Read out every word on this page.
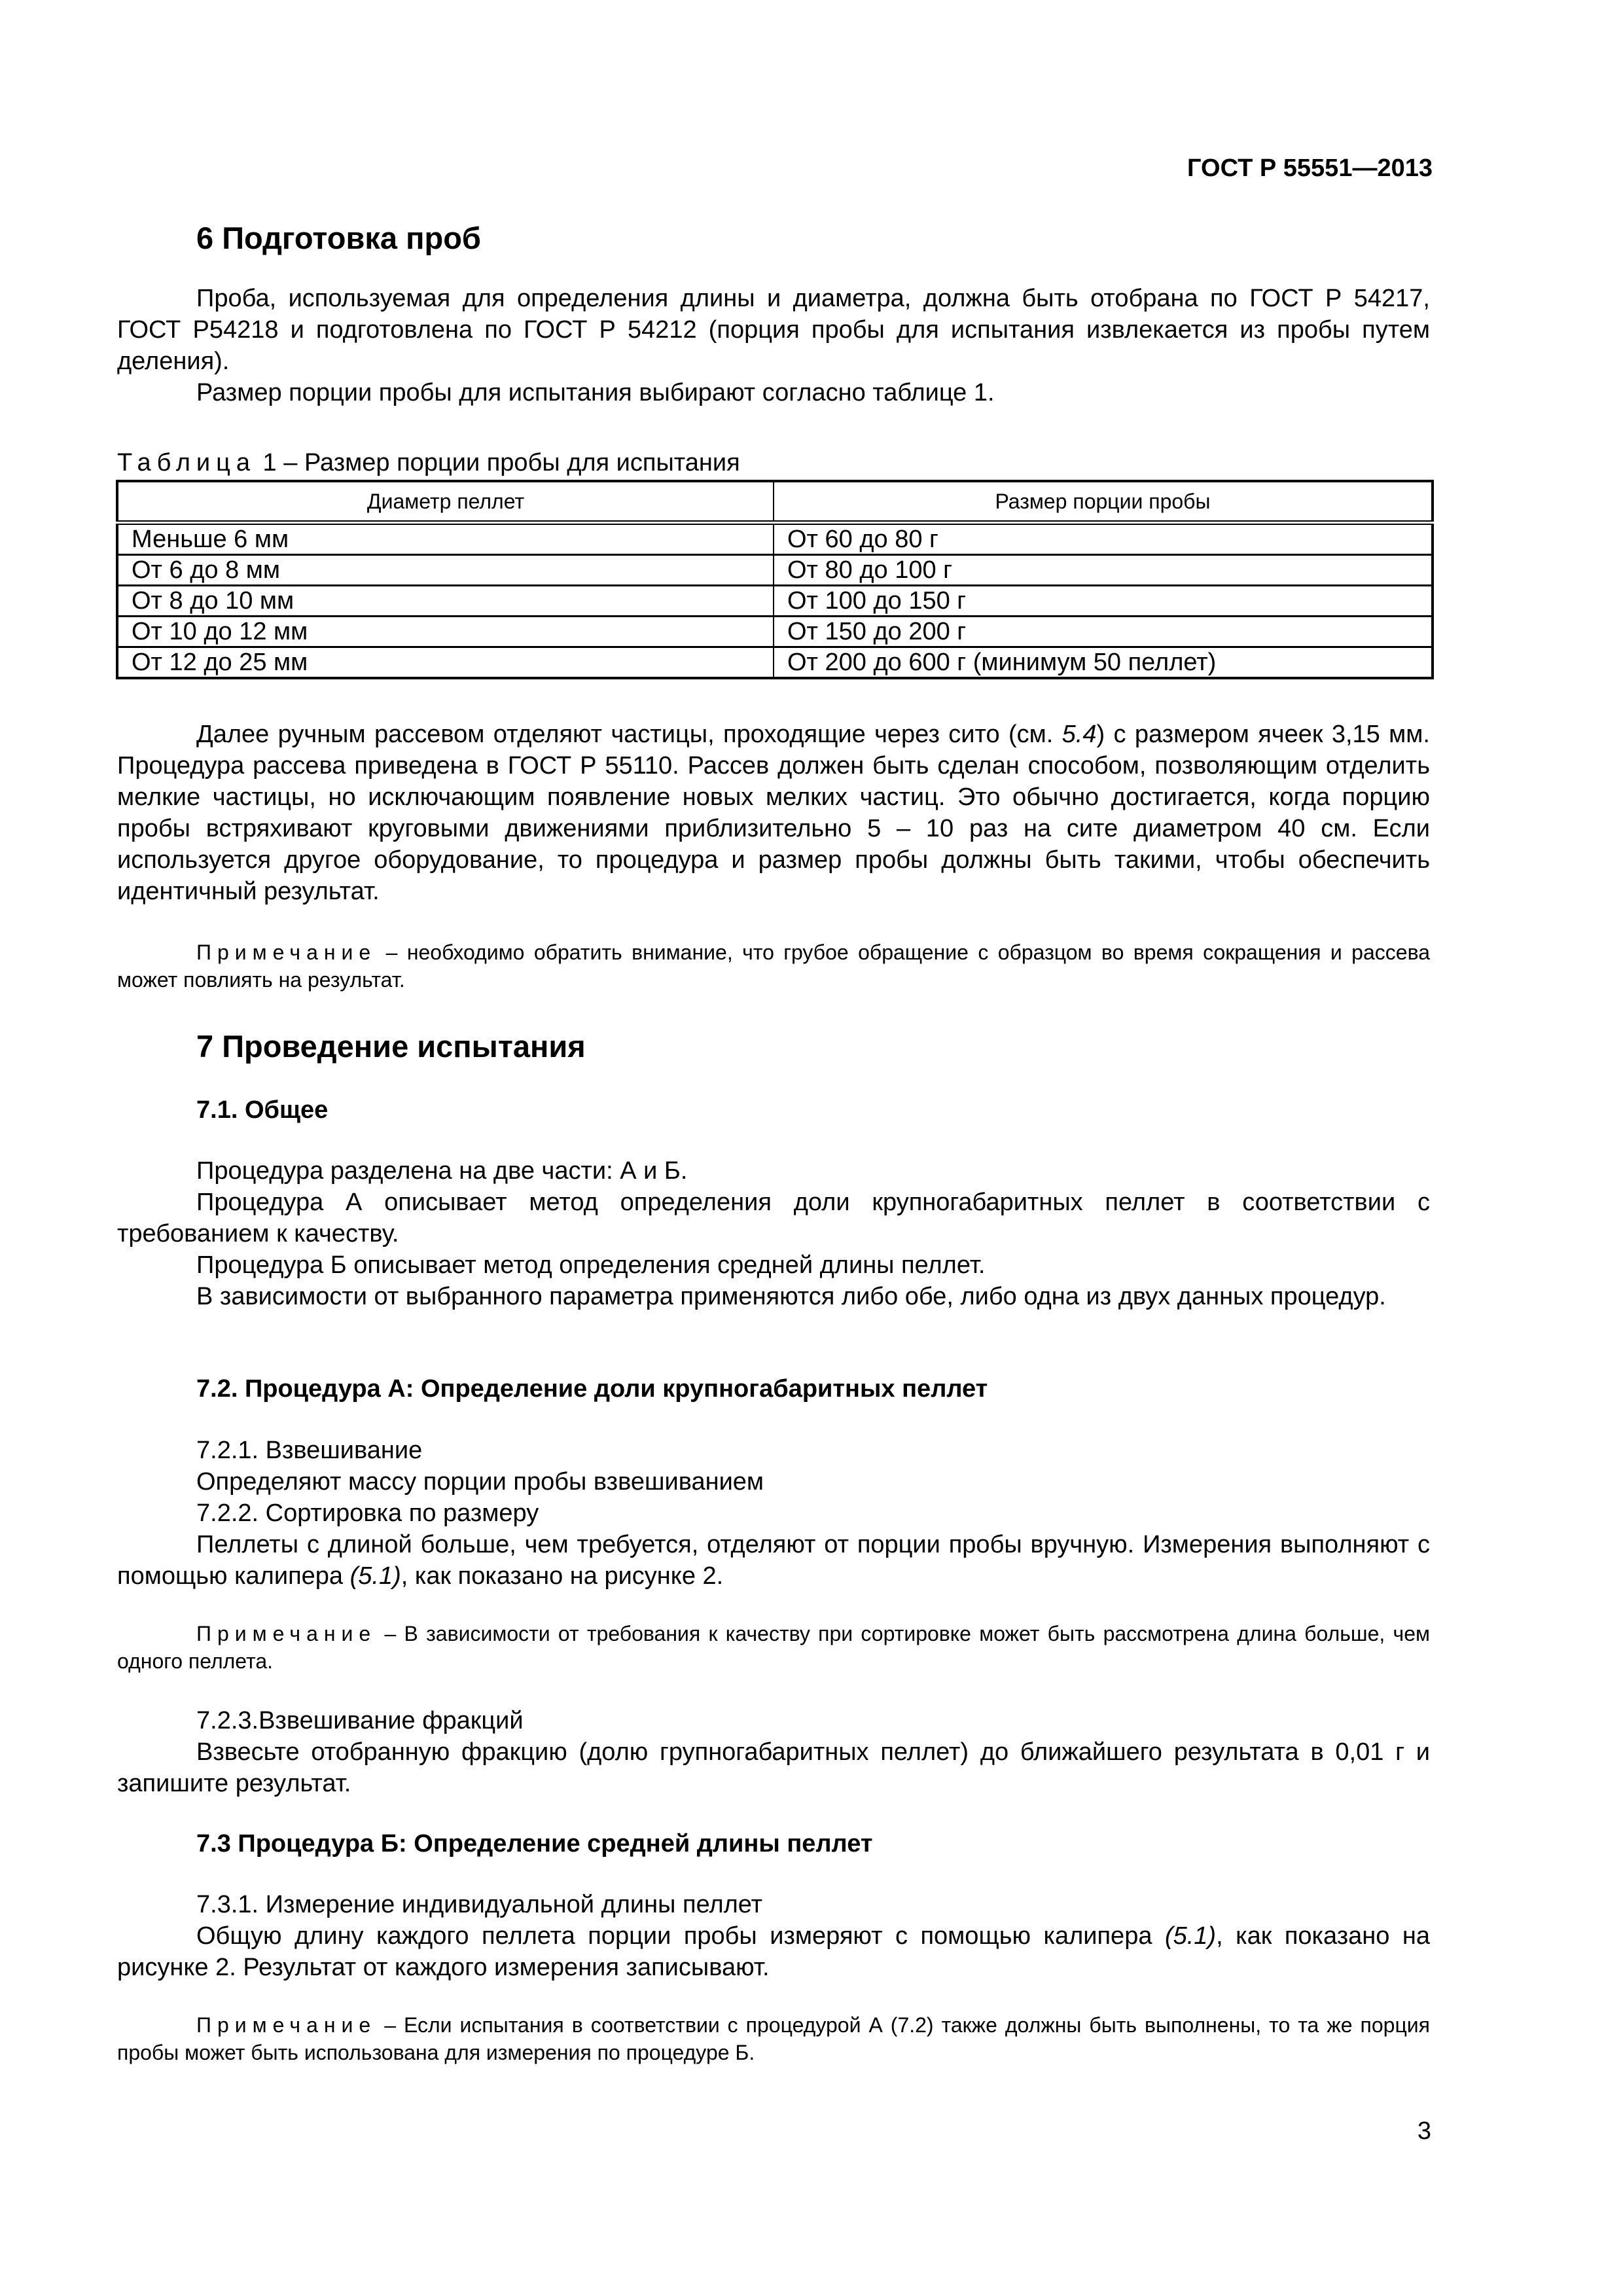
ГОСТ Р 55551—2013
6 Подготовка проб

Проба, используемая для определения длины и диаметра, должна быть отобрана по ГОСТ Р 54217, ГОСТ Р54218 и подготовлена по ГОСТ Р 54212 (порция пробы для испытания извлекается из пробы путем деления).

Размер порции пробы для испытания выбирают согласно таблице 1.

Таблица 1 – Размер порции пробы для испытания
Диаметр пеллет	Размер порции пробы
Меньше 6 мм	От 60 до 80 г
От 6 до 8 мм	От 80 до 100 г
От 8 до 10 мм	От 100 до 150 г
От 10 до 12 мм	От 150 до 200 г
От 12 до 25 мм	От 200 до 600 г (минимум 50 пеллет)

Далее ручным рассевом отделяют частицы, проходящие через сито (см. 5.4) с размером ячеек 3,15 мм. Процедура рассева приведена в ГОСТ Р 55110. Рассев должен быть сделан способом, позволяющим отделить мелкие частицы, но исключающим появление новых мелких частиц. Это обычно достигается, когда порцию пробы встряхивают круговыми движениями приблизительно 5 – 10 раз на сите диаметром 40 см. Если используется другое оборудование, то процедура и размер пробы должны быть такими, чтобы обеспечить идентичный результат.

Примечание – необходимо обратить внимание, что грубое обращение с образцом во время сокращения и рассева может повлиять на результат.

7 Проведение испытания
7.1. Общее

Процедура разделена на две части: А и Б.

Процедура А описывает метод определения доли крупногабаритных пеллет в соответствии с требованием к качеству.

Процедура Б описывает метод определения средней длины пеллет.

В зависимости от выбранного параметра применяются либо обе, либо одна из двух данных процедур.

7.2. Процедура А: Определение доли крупногабаритных пеллет
7.2.1. Взвешивание
Определяют массу порции пробы взвешиванием
7.2.2. Сортировка по размеру

Пеллеты с длиной больше, чем требуется, отделяют от порции пробы вручную. Измерения выполняют с помощью калипера (5.1), как показано на рисунке 2.

Примечание – В зависимости от требования к качеству при сортировке может быть рассмотрена длина больше, чем одного пеллета.

7.2.3.Взвешивание фракций

Взвесьте отобранную фракцию (долю групногабаритных пеллет) до ближайшего результата в 0,01 г и запишите результат.

7.3 Процедура Б: Определение средней длины пеллет
7.3.1. Измерение индивидуальной длины пеллет

Общую длину каждого пеллета порции пробы измеряют с помощью калипера (5.1), как показано на рисунке 2. Результат от каждого измерения записывают.

Примечание – Если испытания в соответствии с процедурой А (7.2) также должны быть выполнены, то та же порция пробы может быть использована для измерения по процедуре Б.

3
